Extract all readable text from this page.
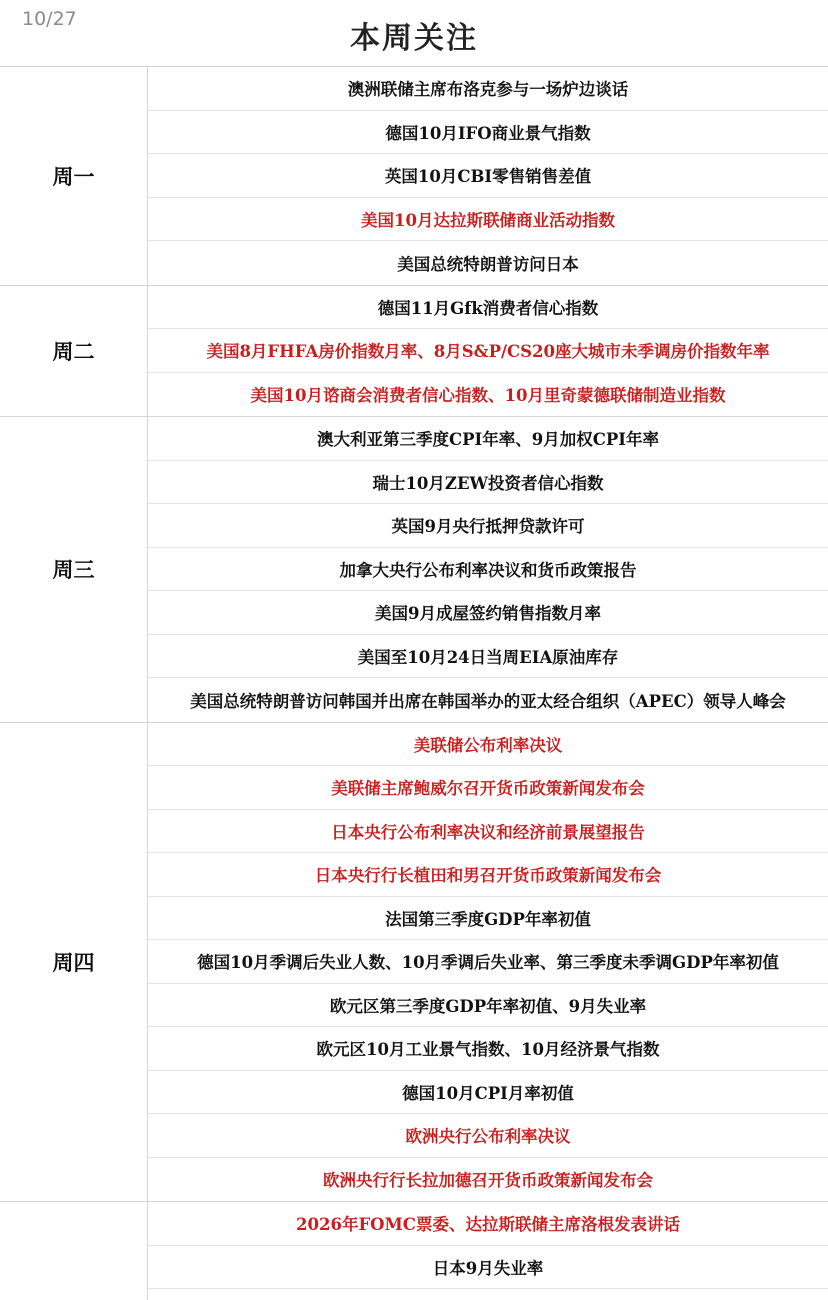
10/27
本周关注
周一
澳洲联储主席布洛克参与一场炉边谈话
德国10月IFO商业景气指数
英国10月CBI零售销售差值
美国10月达拉斯联储商业活动指数
美国总统特朗普访问日本
周二
德国11月Gfk消费者信心指数
美国8月FHFA房价指数月率、8月S&P/CS20座大城市未季调房价指数年率
美国10月谘商会消费者信心指数、10月里奇蒙德联储制造业指数
周三
澳大利亚第三季度CPI年率、9月加权CPI年率
瑞士10月ZEW投资者信心指数
英国9月央行抵押贷款许可
加拿大央行公布利率决议和货币政策报告
美国9月成屋签约销售指数月率
美国至10月24日当周EIA原油库存
美国总统特朗普访问韩国并出席在韩国举办的亚太经合组织（APEC）领导人峰会
周四
美联储公布利率决议
美联储主席鲍威尔召开货币政策新闻发布会
日本央行公布利率决议和经济前景展望报告
日本央行行长植田和男召开货币政策新闻发布会
法国第三季度GDP年率初值
德国10月季调后失业人数、10月季调后失业率、第三季度未季调GDP年率初值
欧元区第三季度GDP年率初值、9月失业率
欧元区10月工业景气指数、10月经济景气指数
德国10月CPI月率初值
欧洲央行公布利率决议
欧洲央行行长拉加德召开货币政策新闻发布会
2026年FOMC票委、达拉斯联储主席洛根发表讲话
日本9月失业率
